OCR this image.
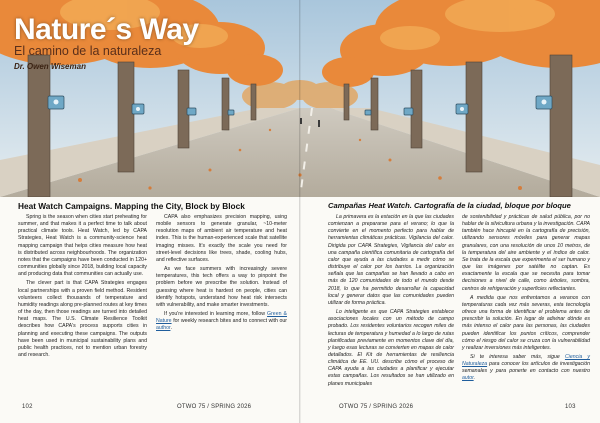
Nature´s Way
El camino de la naturaleza
Dr. Owen Wiseman
Heat Watch Campaigns. Mapping the City, Block by Block

Spring is the season when cities start preheating for summer, and that makes it a perfect time to talk about practical climate tools. Heat Watch, led by CAPA Strategies, Heat Watch is a community-science heat mapping campaign that helps cities measure how heat is distributed across neighbourhoods. The organization notes that the campaigns have been conducted in 120+ communities globally since 2018, building local capacity and producing data that communities can actually use.

The clever part is that CAPA Strategies engages local partnerships with a proven field method. Resident volunteers collect thousands of temperature and humidity readings along pre-planned routes at key times of the day, then those readings are turned into detailed heat maps. The U.S. Climate Resilience Toolkit describes how CAPA's process supports cities in planning and executing these campaigns. The outputs have been used in municipal sustainability plans and public health practices, not to mention urban forestry and research.

CAPA also emphasizes precision mapping, using mobile sensors to generate granular, ~10-meter resolution maps of ambient air temperature and heat index. This is the human-experienced scale that satellite imaging misses. It's exactly the scale you need for street-level decisions like trees, shade, cooling hubs, and reflective surfaces.

As we face summers with increasingly severe temperatures, this tech offers a way to pinpoint the problem before we prescribe the solution. Instead of guessing where heat is hardest on people, cities can identify hotspots, understand how heat risk intersects with vulnerability, and make smarter investments.

If you're interested in learning more, follow Green & Nature for weekly research bites and to connect with our author.

Campañas Heat Watch. Cartografía de la ciudad, bloque por bloque

La primavera es la estación en la que las ciudades comienzan a prepararse para el verano; lo que la convierte en el momento perfecto para hablar de herramientas climáticas prácticas. Vigilancia del calor. Dirigida por CAPA Strategies, Vigilancia del calor es una campaña científica comunitaria de cartografía del calor que ayuda a las ciudades a medir cómo se distribuye el calor por los barrios. La organización señala que las campañas se han llevado a cabo en más de 120 comunidades de todo el mundo desde 2018, lo que ha permitido desarrollar la capacidad local y generar datos que las comunidades pueden utilizar de forma práctica.

Lo inteligente es que CAPA Strategies establece asociaciones locales con un método de campo probado. Los residentes voluntarios recogen miles de lecturas de temperatura y humedad a lo largo de rutas planificadas previamente en momentos clave del día, y luego esas lecturas se convierten en mapas de calor detallados. El Kit de herramientas de resiliencia climática de EE. UU. describe cómo el proceso de CAPA ayuda a las ciudades a planificar y ejecutar estas campañas. Los resultados se han utilizado en planes municipales

de sostenibilidad y prácticas de salud pública, por no hablar de la silvicultura urbana y la investigación. CAPA también hace hincapié en la cartografía de precisión, utilizando sensores móviles para generar mapas granulares, con una resolución de unos 10 metros, de la temperatura del aire ambiente y el índice de calor. Se trata de la escala que experimenta el ser humano y que las imágenes por satélite no captan. Es exactamente la escala que se necesita para tomar decisiones a nivel de calle, como árboles, sombra, centros de refrigeración y superficies reflectantes.

A medida que nos enfrentamos a veranos con temperaturas cada vez más severas, esta tecnología ofrece una forma de identificar el problema antes de prescribir la solución. En lugar de adivinar dónde es más intenso el calor para las personas, las ciudades pueden identificar los puntos críticos, comprender cómo el riesgo del calor se cruza con la vulnerabilidad y realizar inversiones más inteligentes.

Si te interesa saber más, sigue Ciencia y Naturaleza para conocer los artículos de investigación semanales y para ponerte en contacto con nuestro autor.

102	OTWO 75 / SPRING 2026	OTWO 75 / SPRING 2026	103
